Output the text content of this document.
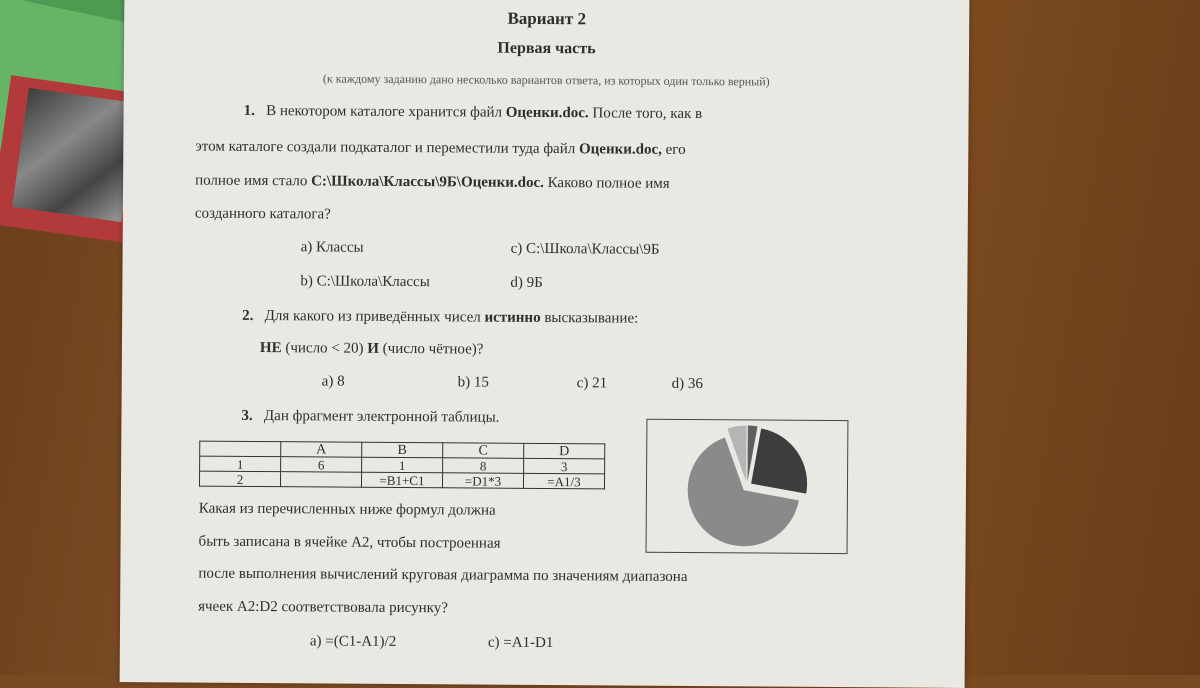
Вариант 2
Первая часть
(к каждому заданию дано несколько вариантов ответа, из которых один только верный)
1. В некотором каталоге хранится файл Оценки.doc. После того, как в
этом каталоге создали подкаталог и переместили туда файл Оценки.doc, его
полное имя стало C:\Школа\Классы\9Б\Оценки.doc. Каково полное имя
созданного каталога?
a) Классы	c) C:\Школа\Классы\9Б
b) C:\Школа\Классы	d) 9Б
2. Для какого из приведённых чисел истинно высказывание:
НЕ (число < 20) И (число чётное)?
a) 8	b) 15	c) 21	d) 36
3. Дан фрагмент электронной таблицы.
	A	B	C	D
1	6	1	8	3
2		=B1+C1	=D1*3	=A1/3
Какая из перечисленных ниже формул должна
быть записана в ячейке A2, чтобы построенная
после выполнения вычислений круговая диаграмма по значениям диапазона
ячеек A2:D2 соответствовала рисунку?
a) =(C1-A1)/2	c) =A1-D1
